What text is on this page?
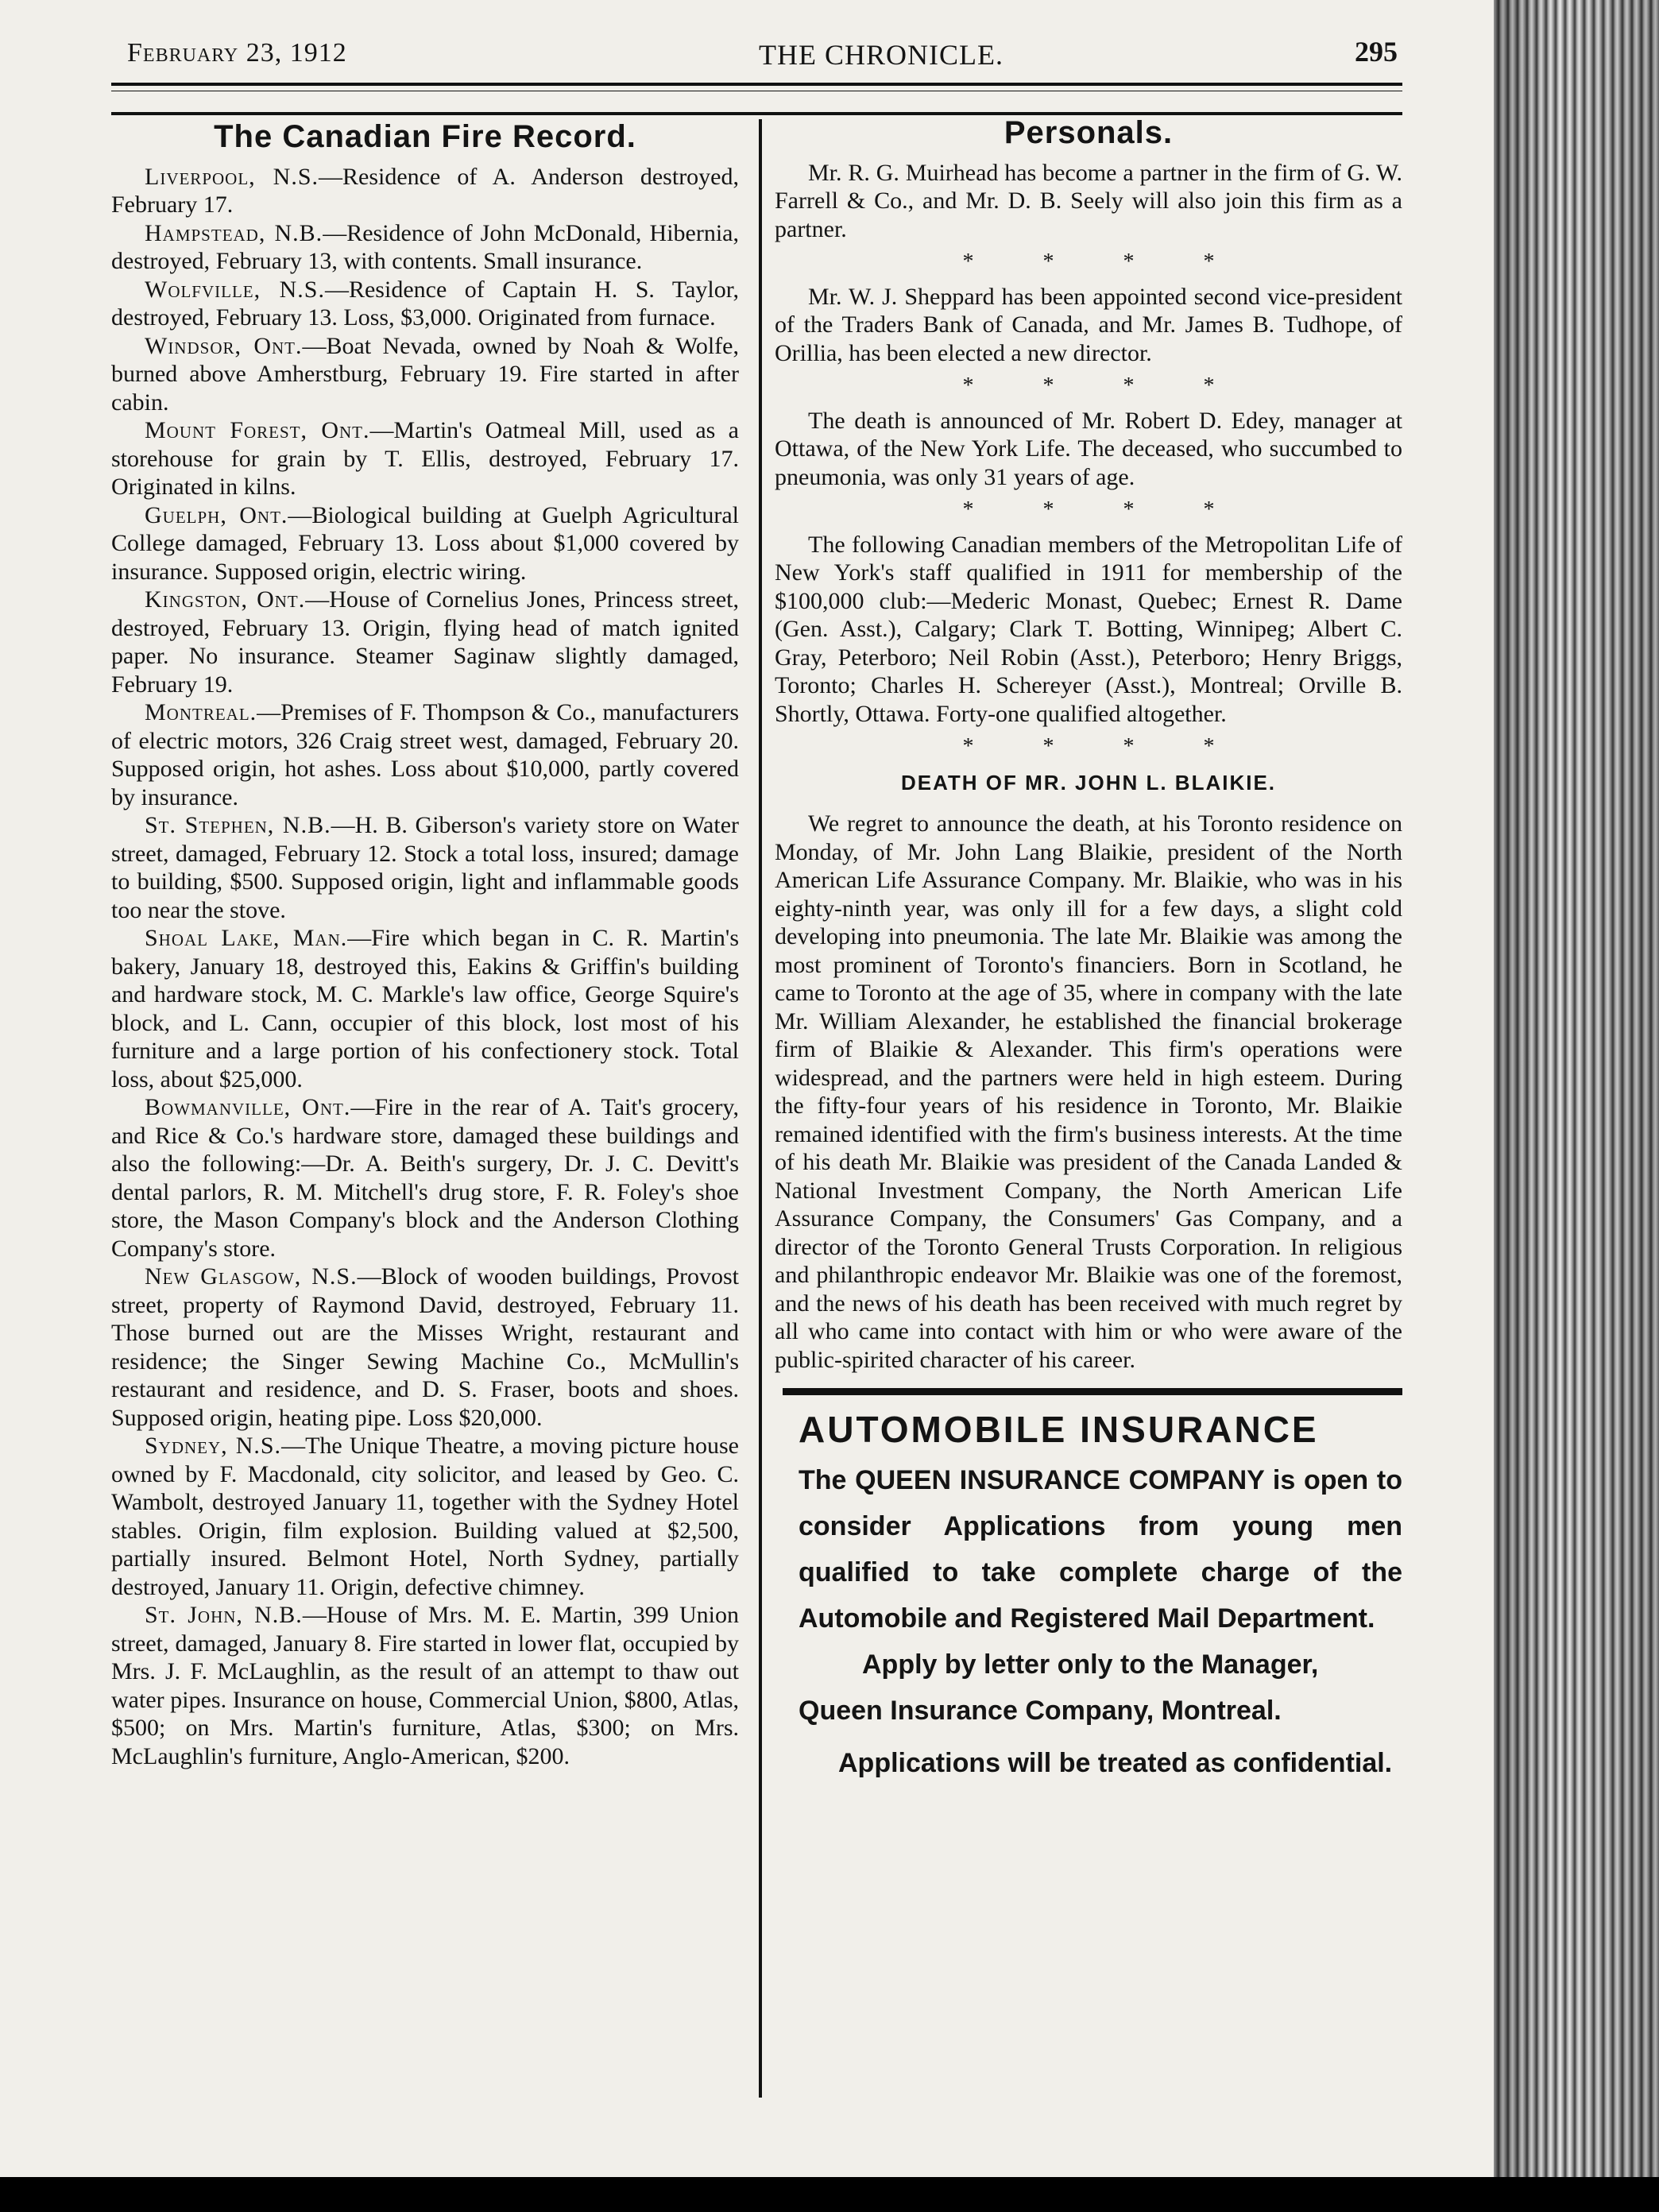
February 23, 1912	THE CHRONICLE.	295
The Canadian Fire Record.

Liverpool, N.S.—Residence of A. Anderson destroyed, February 17.

Hampstead, N.B.—Residence of John McDonald, Hibernia, destroyed, February 13, with contents. Small insurance.

Wolfville, N.S.—Residence of Captain H. S. Taylor, destroyed, February 13. Loss, $3,000. Originated from furnace.

Windsor, Ont.—Boat Nevada, owned by Noah & Wolfe, burned above Amherstburg, February 19. Fire started in after cabin.

Mount Forest, Ont.—Martin's Oatmeal Mill, used as a storehouse for grain by T. Ellis, destroyed, February 17. Originated in kilns.

Guelph, Ont.—Biological building at Guelph Agricultural College damaged, February 13. Loss about $1,000 covered by insurance. Supposed origin, electric wiring.

Kingston, Ont.—House of Cornelius Jones, Princess street, destroyed, February 13. Origin, flying head of match ignited paper. No insurance. Steamer Saginaw slightly damaged, February 19.

Montreal.—Premises of F. Thompson & Co., manufacturers of electric motors, 326 Craig street west, damaged, February 20. Supposed origin, hot ashes. Loss about $10,000, partly covered by insurance.

St. Stephen, N.B.—H. B. Giberson's variety store on Water street, damaged, February 12. Stock a total loss, insured; damage to building, $500. Supposed origin, light and inflammable goods too near the stove.

Shoal Lake, Man.—Fire which began in C. R. Martin's bakery, January 18, destroyed this, Eakins & Griffin's building and hardware stock, M. C. Markle's law office, George Squire's block, and L. Cann, occupier of this block, lost most of his furniture and a large portion of his confectionery stock. Total loss, about $25,000.

Bowmanville, Ont.—Fire in the rear of A. Tait's grocery, and Rice & Co.'s hardware store, damaged these buildings and also the following:—Dr. A. Beith's surgery, Dr. J. C. Devitt's dental parlors, R. M. Mitchell's drug store, F. R. Foley's shoe store, the Mason Company's block and the Anderson Clothing Company's store.

New Glasgow, N.S.—Block of wooden buildings, Provost street, property of Raymond David, destroyed, February 11. Those burned out are the Misses Wright, restaurant and residence; the Singer Sewing Machine Co., McMullin's restaurant and residence, and D. S. Fraser, boots and shoes. Supposed origin, heating pipe. Loss $20,000.

Sydney, N.S.—The Unique Theatre, a moving picture house owned by F. Macdonald, city solicitor, and leased by Geo. C. Wambolt, destroyed January 11, together with the Sydney Hotel stables. Origin, film explosion. Building valued at $2,500, partially insured. Belmont Hotel, North Sydney, partially destroyed, January 11. Origin, defective chimney.

St. John, N.B.—House of Mrs. M. E. Martin, 399 Union street, damaged, January 8. Fire started in lower flat, occupied by Mrs. J. F. McLaughlin, as the result of an attempt to thaw out water pipes. Insurance on house, Commercial Union, $800, Atlas, $500; on Mrs. Martin's furniture, Atlas, $300; on Mrs. McLaughlin's furniture, Anglo-American, $200.

Personals.

Mr. R. G. Muirhead has become a partner in the firm of G. W. Farrell & Co., and Mr. D. B. Seely will also join this firm as a partner.

* * * *

Mr. W. J. Sheppard has been appointed second vice-president of the Traders Bank of Canada, and Mr. James B. Tudhope, of Orillia, has been elected a new director.

* * * *

The death is announced of Mr. Robert D. Edey, manager at Ottawa, of the New York Life. The deceased, who succumbed to pneumonia, was only 31 years of age.

* * * *

The following Canadian members of the Metropolitan Life of New York's staff qualified in 1911 for membership of the $100,000 club:—Mederic Monast, Quebec; Ernest R. Dame (Gen. Asst.), Calgary; Clark T. Botting, Winnipeg; Albert C. Gray, Peterboro; Neil Robin (Asst.), Peterboro; Henry Briggs, Toronto; Charles H. Schereyer (Asst.), Montreal; Orville B. Shortly, Ottawa. Forty-one qualified altogether.

* * * *
DEATH OF MR. JOHN L. BLAIKIE.

We regret to announce the death, at his Toronto residence on Monday, of Mr. John Lang Blaikie, president of the North American Life Assurance Company. Mr. Blaikie, who was in his eighty-ninth year, was only ill for a few days, a slight cold developing into pneumonia. The late Mr. Blaikie was among the most prominent of Toronto's financiers. Born in Scotland, he came to Toronto at the age of 35, where in company with the late Mr. William Alexander, he established the financial brokerage firm of Blaikie & Alexander. This firm's operations were widespread, and the partners were held in high esteem. During the fifty-four years of his residence in Toronto, Mr. Blaikie remained identified with the firm's business interests. At the time of his death Mr. Blaikie was president of the Canada Landed & National Investment Company, the North American Life Assurance Company, the Consumers' Gas Company, and a director of the Toronto General Trusts Corporation. In religious and philanthropic endeavor Mr. Blaikie was one of the foremost, and the news of his death has been received with much regret by all who came into contact with him or who were aware of the public-spirited character of his career.

AUTOMOBILE INSURANCE

The QUEEN INSURANCE COMPANY is open to consider Applications from young men qualified to take complete charge of the Automobile and Registered Mail Department.

Apply by letter only to the Manager,
Queen Insurance Company, Montreal.

Applications will be treated as confidential.
